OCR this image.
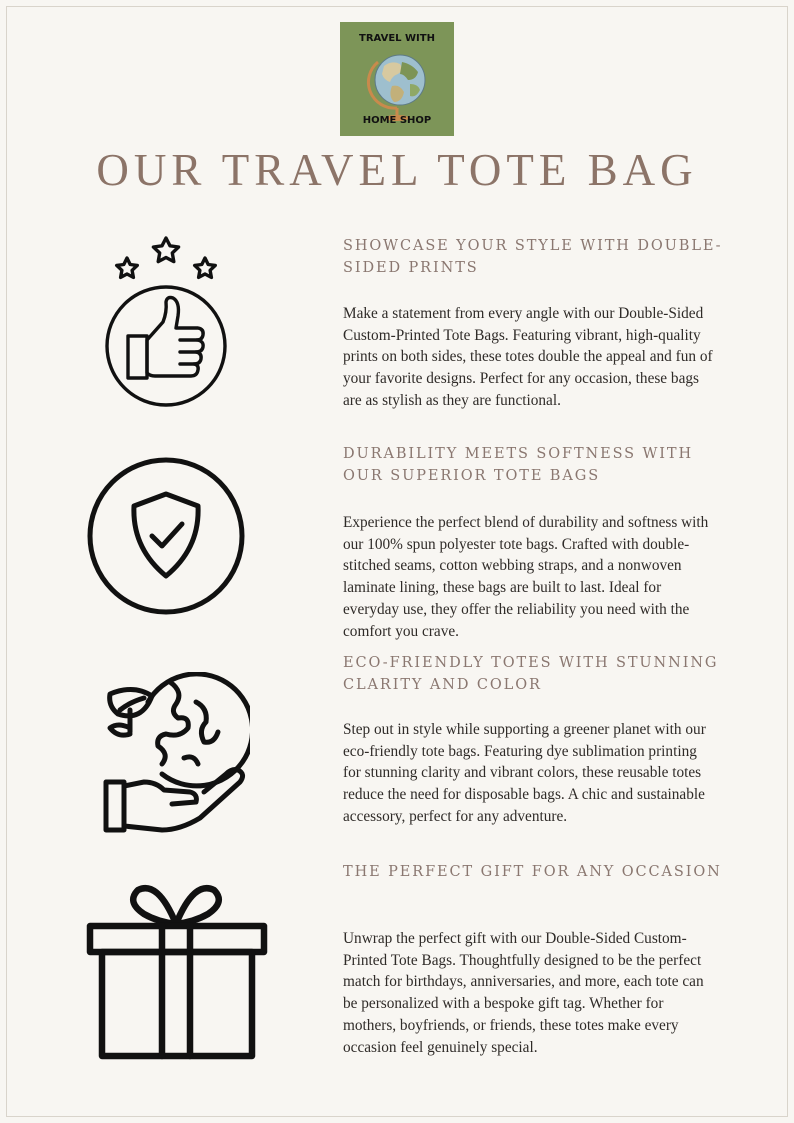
TRAVEL WITH
HOME SHOP
OUR TRAVEL TOTE BAG
SHOWCASE YOUR STYLE WITH DOUBLE-SIDED PRINTS

Make a statement from every angle with our Double-Sided Custom-Printed Tote Bags. Featuring vibrant, high-quality prints on both sides, these totes double the appeal and fun of your favorite designs. Perfect for any occasion, these bags are as stylish as they are functional.

DURABILITY MEETS SOFTNESS WITH OUR SUPERIOR TOTE BAGS

Experience the perfect blend of durability and softness with our 100% spun polyester tote bags. Crafted with double-stitched seams, cotton webbing straps, and a nonwoven laminate lining, these bags are built to last. Ideal for everyday use, they offer the reliability you need with the comfort you crave.

ECO-FRIENDLY TOTES WITH STUNNING CLARITY AND COLOR

Step out in style while supporting a greener planet with our eco-friendly tote bags. Featuring dye sublimation printing for stunning clarity and vibrant colors, these reusable totes reduce the need for disposable bags. A chic and sustainable accessory, perfect for any adventure.

THE PERFECT GIFT FOR ANY OCCASION

Unwrap the perfect gift with our Double-Sided Custom-Printed Tote Bags. Thoughtfully designed to be the perfect match for birthdays, anniversaries, and more, each tote can be personalized with a bespoke gift tag. Whether for mothers, boyfriends, or friends, these totes make every occasion feel genuinely special.
